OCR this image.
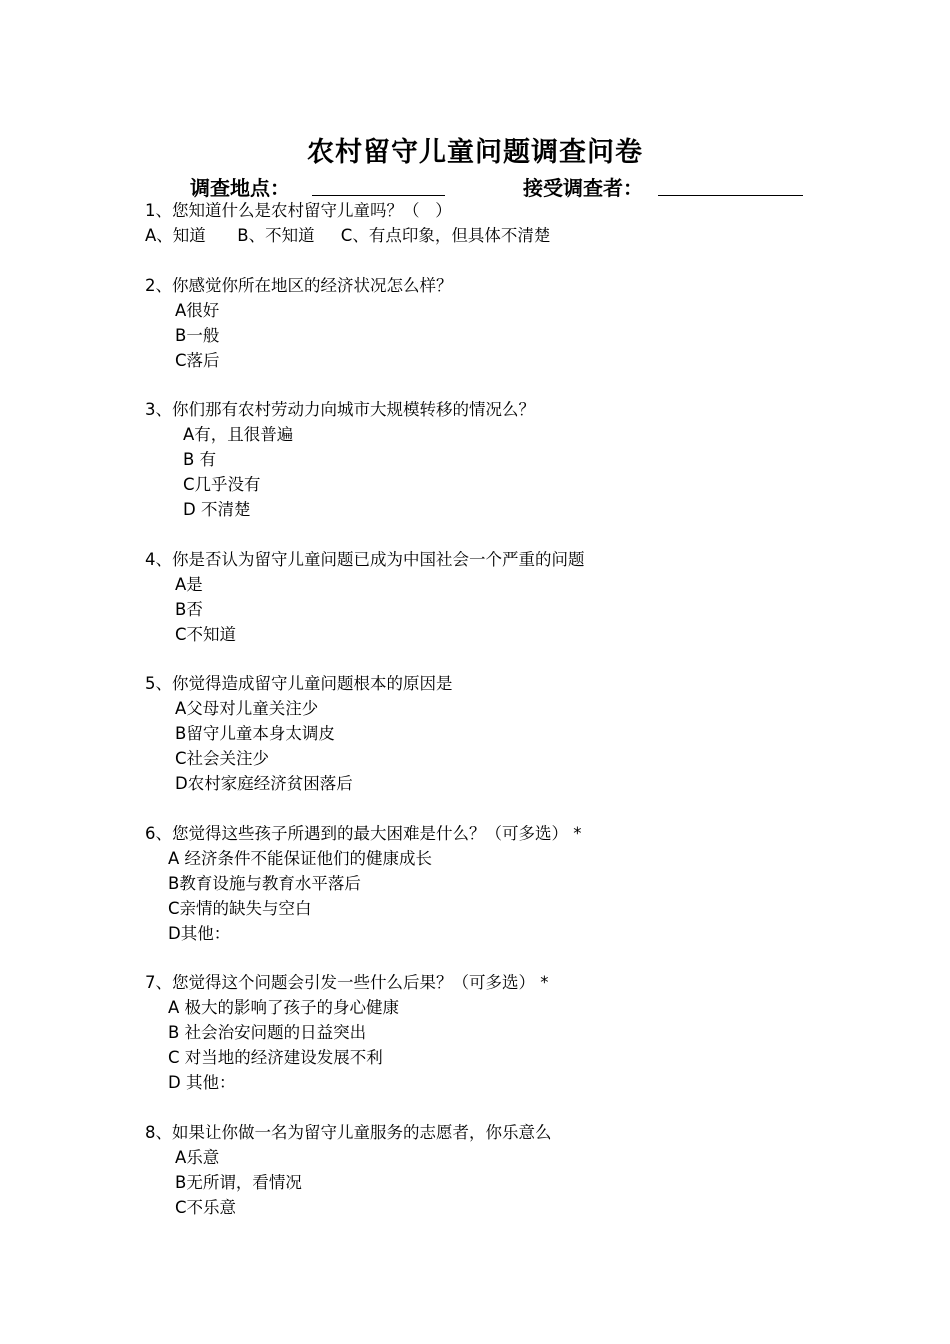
农村留守儿童问题调查问卷
调查地点：	接受调查者：
1、您知道什么是农村留守儿童吗？（   ）
A、知道      B、不知道     C、有点印象，但具体不清楚
2、你感觉你所在地区的经济状况怎么样？
A很好
B一般
C落后
3、你们那有农村劳动力向城市大规模转移的情况么？
A有，且很普遍
B 有
C几乎没有
D 不清楚
4、你是否认为留守儿童问题已成为中国社会一个严重的问题
A是
B否
C不知道
5、你觉得造成留守儿童问题根本的原因是
A父母对儿童关注少
B留守儿童本身太调皮
C社会关注少
D农村家庭经济贫困落后
6、您觉得这些孩子所遇到的最大困难是什么？（可多选） *
A 经济条件不能保证他们的健康成长
B教育设施与教育水平落后
C亲情的缺失与空白
D其他：
7、您觉得这个问题会引发一些什么后果？（可多选） *
A 极大的影响了孩子的身心健康
B 社会治安问题的日益突出
C 对当地的经济建设发展不利
D 其他：
8、如果让你做一名为留守儿童服务的志愿者，你乐意么
A乐意
B无所谓，看情况
C不乐意
